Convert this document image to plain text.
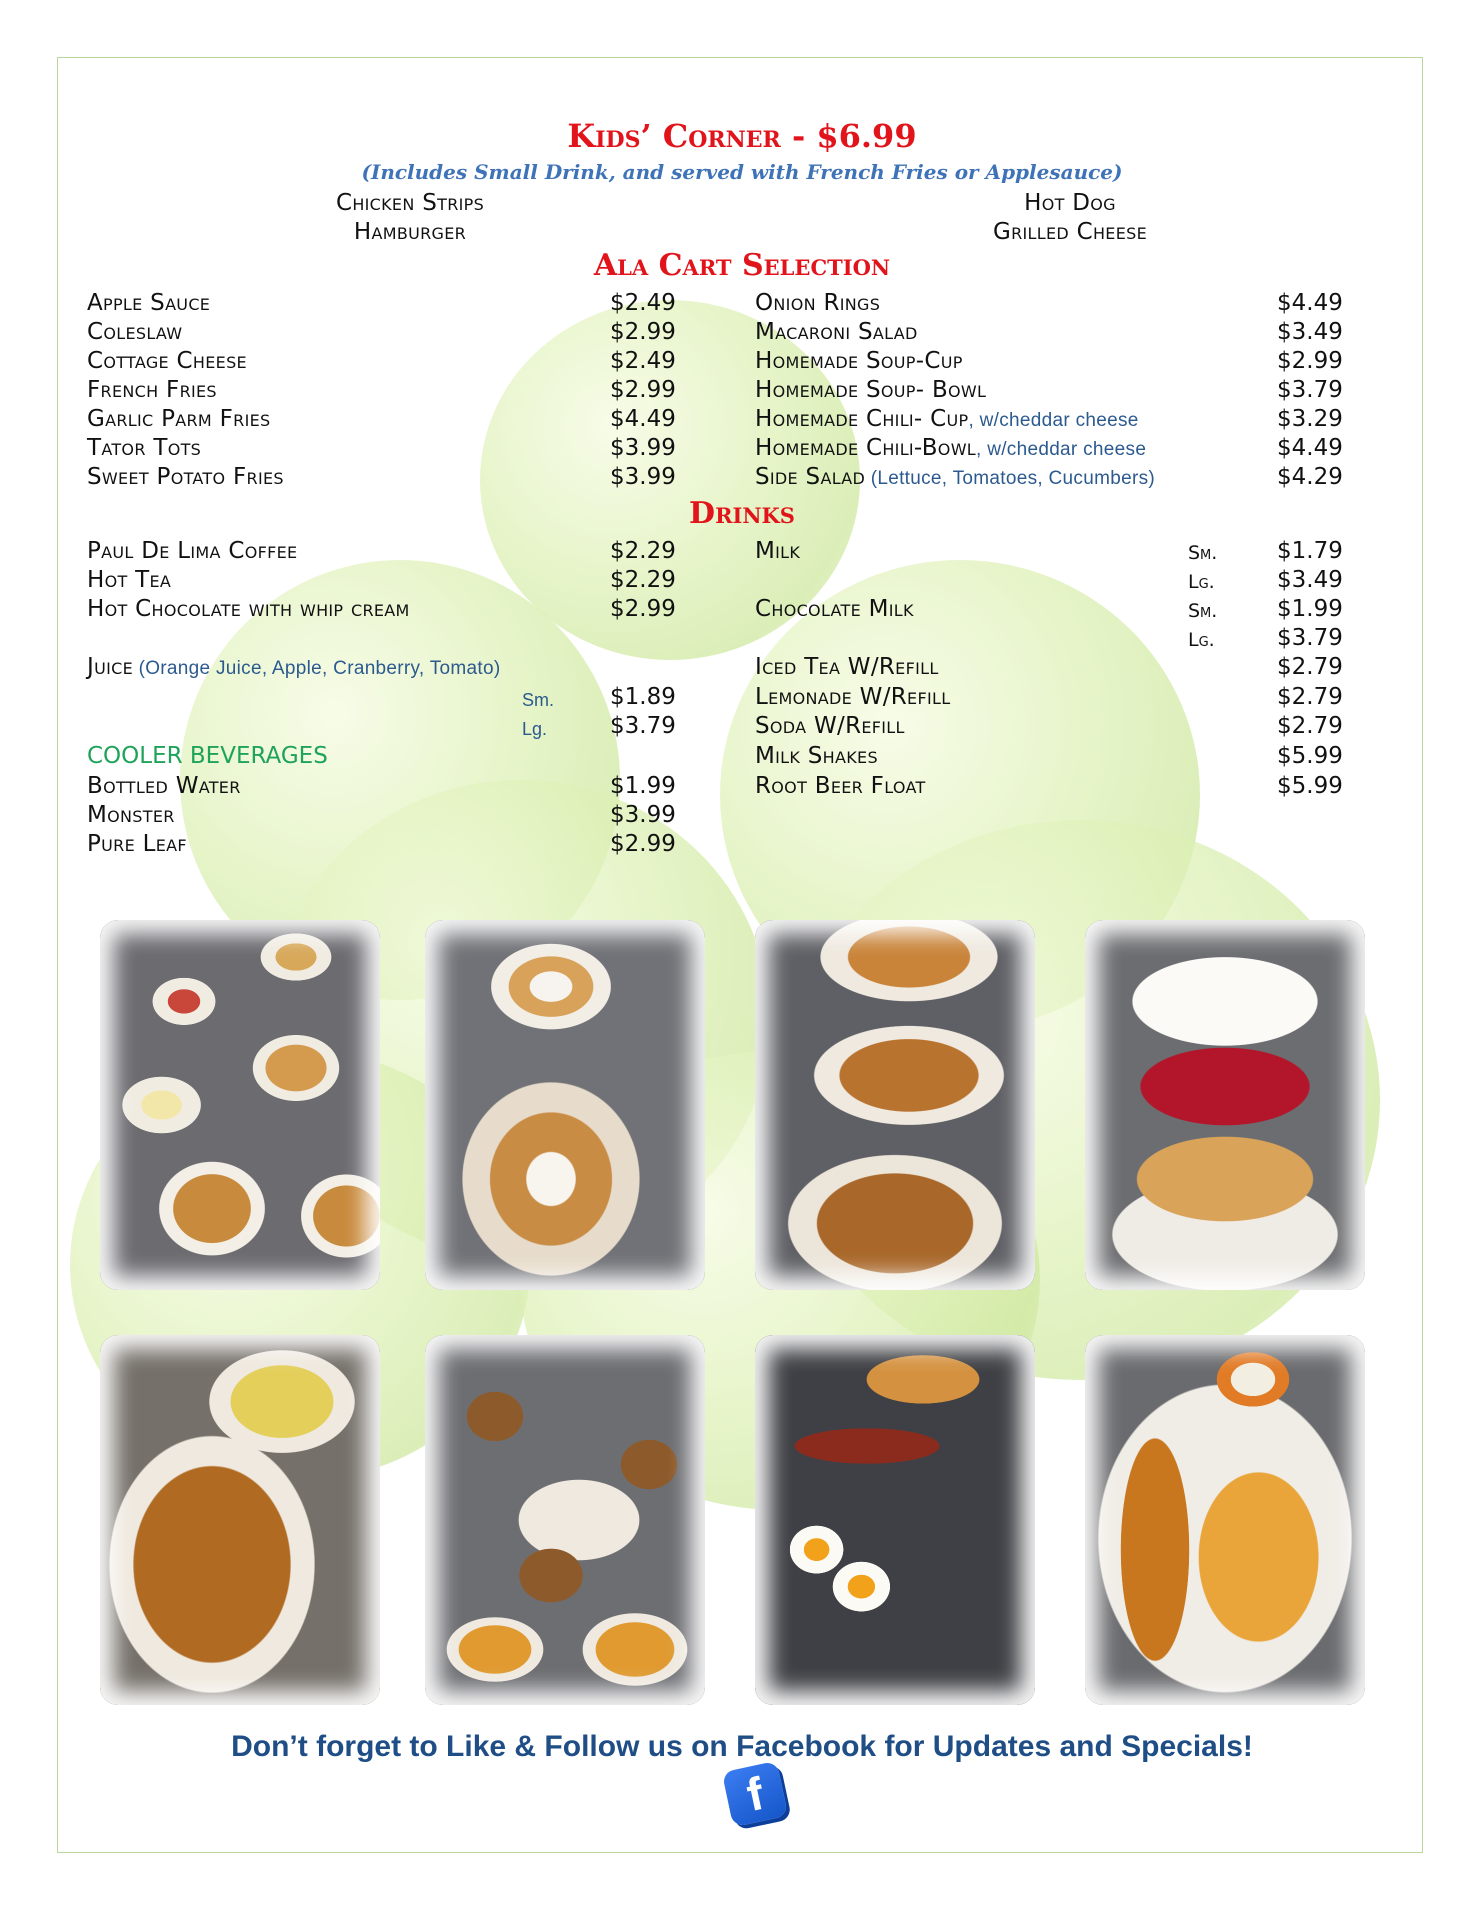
Kids’ Corner - $6.99
(Includes Small Drink, and served with French Fries or Applesauce)
Chicken Strips
Hamburger
Hot Dog
Grilled Cheese
Ala Cart Selection
Apple Sauce	$2.49
Coleslaw	$2.99
Cottage Cheese	$2.49
French Fries	$2.99
Garlic Parm Fries	$4.49
Tator Tots	$3.99
Sweet Potato Fries	$3.99
Onion Rings	$4.49
Macaroni Salad	$3.49
Homemade Soup-Cup	$2.99
Homemade Soup- Bowl	$3.79
Homemade Chili- Cup, w/cheddar cheese	$3.29
Homemade Chili-Bowl, w/cheddar cheese	$4.49
Side Salad (Lettuce, Tomatoes, Cucumbers)	$4.29
Drinks
Paul De Lima Coffee	$2.29
Hot Tea	$2.29
Hot Chocolate with whip cream	$2.99
Juice (Orange Juice, Apple, Cranberry, Tomato)
Sm. $1.89
Lg.	$3.79
COOLER BEVERAGES
Bottled Water	$1.99
Monster	$3.99
Pure Leaf	$2.99
Milk	Sm.	$1.79
Lg.	$3.49
Chocolate Milk	Sm.	$1.99
Lg.	$3.79
Iced Tea W/Refill	$2.79
Lemonade W/Refill	$2.79
Soda W/Refill	$2.79
Milk Shakes	$5.99
Root Beer Float	$5.99
Don’t forget to Like & Follow us on Facebook for Updates and Specials!
f
